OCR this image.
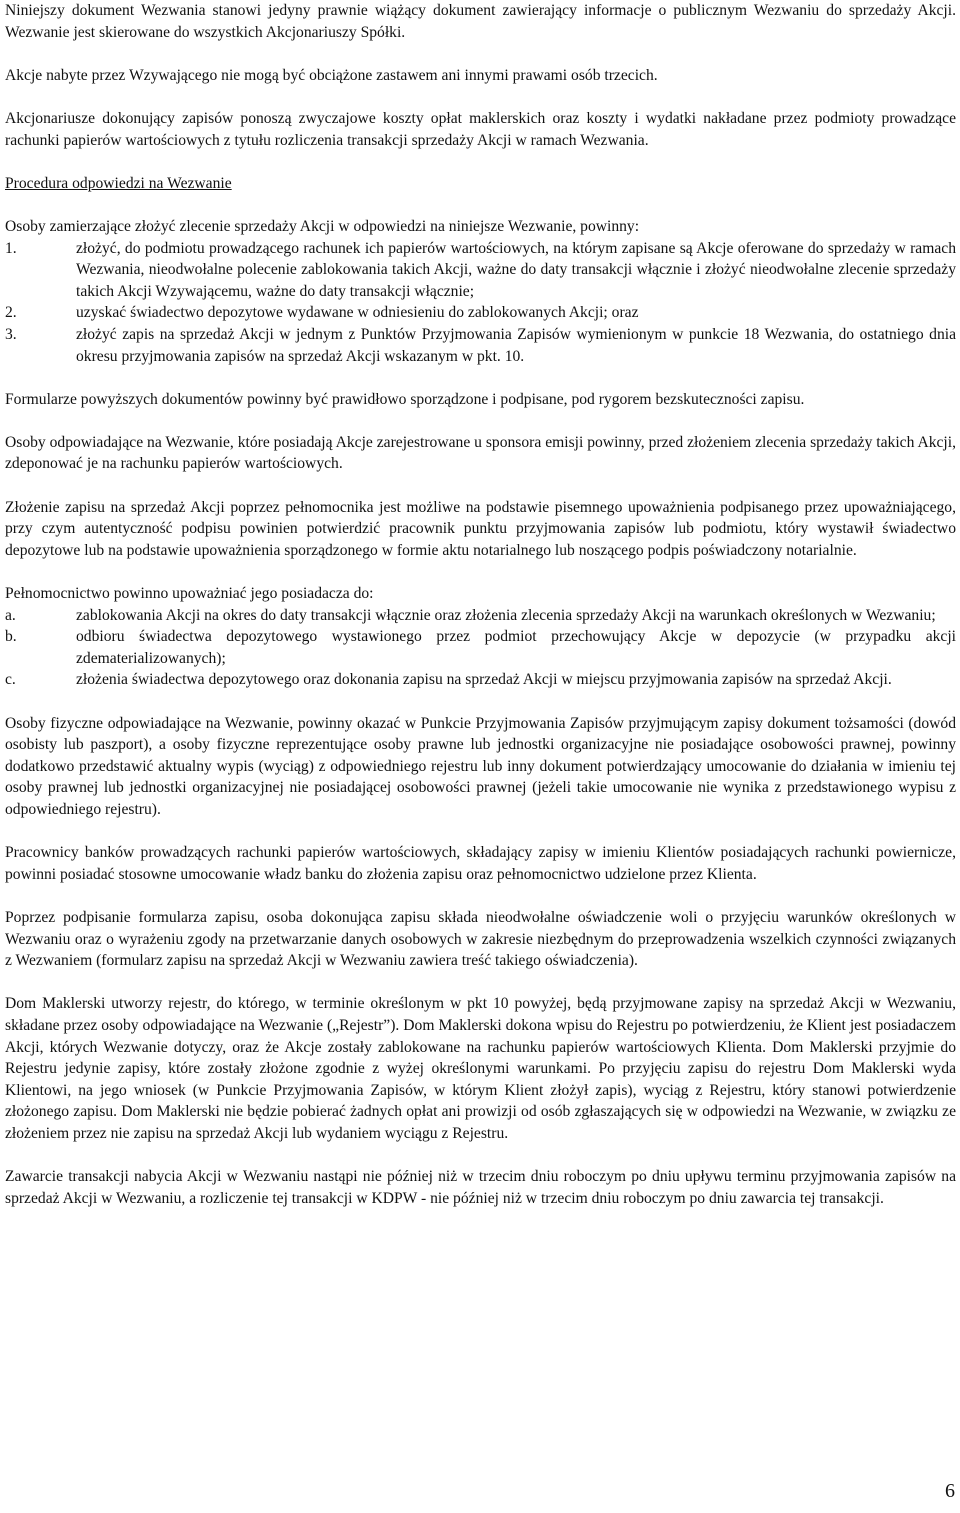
Niniejszy dokument Wezwania stanowi jedyny prawnie wiążący dokument zawierający informacje o publicznym Wezwaniu do sprzedaży Akcji. Wezwanie jest skierowane do wszystkich Akcjonariuszy Spółki.

Akcje nabyte przez Wzywającego nie mogą być obciążone zastawem ani innymi prawami osób trzecich.

Akcjonariusze dokonujący zapisów ponoszą zwyczajowe koszty opłat maklerskich oraz koszty i wydatki nakładane przez podmioty prowadzące rachunki papierów wartościowych z tytułu rozliczenia transakcji sprzedaży Akcji w ramach Wezwania.

Procedura odpowiedzi na Wezwanie

Osoby zamierzające złożyć zlecenie sprzedaży Akcji w odpowiedzi na niniejsze Wezwanie, powinny:

1.	złożyć, do podmiotu prowadzącego rachunek ich papierów wartościowych, na którym zapisane są Akcje oferowane do sprzedaży w ramach Wezwania, nieodwołalne polecenie zablokowania takich Akcji, ważne do daty transakcji włącznie i złożyć nieodwołalne zlecenie sprzedaży takich Akcji Wzywającemu, ważne do daty transakcji włącznie;
2.	uzyskać świadectwo depozytowe wydawane w odniesieniu do zablokowanych Akcji; oraz
3.	złożyć zapis na sprzedaż Akcji w jednym z Punktów Przyjmowania Zapisów wymienionym w punkcie 18 Wezwania, do ostatniego dnia okresu przyjmowania zapisów na sprzedaż Akcji wskazanym w pkt. 10.

Formularze powyższych dokumentów powinny być prawidłowo sporządzone i podpisane, pod rygorem bezskuteczności zapisu.

Osoby odpowiadające na Wezwanie, które posiadają Akcje zarejestrowane u sponsora emisji powinny, przed złożeniem zlecenia sprzedaży takich Akcji, zdeponować je na rachunku papierów wartościowych.

Złożenie zapisu na sprzedaż Akcji poprzez pełnomocnika jest możliwe na podstawie pisemnego upoważnienia podpisanego przez upoważniającego, przy czym autentyczność podpisu powinien potwierdzić pracownik punktu przyjmowania zapisów lub podmiotu, który wystawił świadectwo depozytowe lub na podstawie upoważnienia sporządzonego w formie aktu notarialnego lub noszącego podpis poświadczony notarialnie.

Pełnomocnictwo powinno upoważniać jego posiadacza do:

a.	zablokowania Akcji na okres do daty transakcji włącznie oraz złożenia zlecenia sprzedaży Akcji na warunkach określonych w Wezwaniu;
b.	odbioru świadectwa depozytowego wystawionego przez podmiot przechowujący Akcje w depozycie (w przypadku akcji zdematerializowanych);
c.	złożenia świadectwa depozytowego oraz dokonania zapisu na sprzedaż Akcji w miejscu przyjmowania zapisów na sprzedaż Akcji.

Osoby fizyczne odpowiadające na Wezwanie, powinny okazać w Punkcie Przyjmowania Zapisów przyjmującym zapisy dokument tożsamości (dowód osobisty lub paszport), a osoby fizyczne reprezentujące osoby prawne lub jednostki organizacyjne nie posiadające osobowości prawnej, powinny dodatkowo przedstawić aktualny wypis (wyciąg) z odpowiedniego rejestru lub inny dokument potwierdzający umocowanie do działania w imieniu tej osoby prawnej lub jednostki organizacyjnej nie posiadającej osobowości prawnej (jeżeli takie umocowanie nie wynika z przedstawionego wypisu z odpowiedniego rejestru).

Pracownicy banków prowadzących rachunki papierów wartościowych, składający zapisy w imieniu Klientów posiadających rachunki powiernicze, powinni posiadać stosowne umocowanie władz banku do złożenia zapisu oraz pełnomocnictwo udzielone przez Klienta.

Poprzez podpisanie formularza zapisu, osoba dokonująca zapisu składa nieodwołalne oświadczenie woli o przyjęciu warunków określonych w Wezwaniu oraz o wyrażeniu zgody na przetwarzanie danych osobowych w zakresie niezbędnym do przeprowadzenia wszelkich czynności związanych z Wezwaniem (formularz zapisu na sprzedaż Akcji w Wezwaniu zawiera treść takiego oświadczenia).

Dom Maklerski utworzy rejestr, do którego, w terminie określonym w pkt 10 powyżej, będą przyjmowane zapisy na sprzedaż Akcji w Wezwaniu, składane przez osoby odpowiadające na Wezwanie („Rejestr”). Dom Maklerski dokona wpisu do Rejestru po potwierdzeniu, że Klient jest posiadaczem Akcji, których Wezwanie dotyczy, oraz że Akcje zostały zablokowane na rachunku papierów wartościowych Klienta. Dom Maklerski przyjmie do Rejestru jedynie zapisy, które zostały złożone zgodnie z wyżej określonymi warunkami. Po przyjęciu zapisu do rejestru Dom Maklerski wyda Klientowi, na jego wniosek (w Punkcie Przyjmowania Zapisów, w którym Klient złożył zapis), wyciąg z Rejestru, który stanowi potwierdzenie złożonego zapisu. Dom Maklerski nie będzie pobierać żadnych opłat ani prowizji od osób zgłaszających się w odpowiedzi na Wezwanie, w związku ze złożeniem przez nie zapisu na sprzedaż Akcji lub wydaniem wyciągu z Rejestru.

Zawarcie transakcji nabycia Akcji w Wezwaniu nastąpi nie później niż w trzecim dniu roboczym po dniu upływu terminu przyjmowania zapisów na sprzedaż Akcji w Wezwaniu, a rozliczenie tej transakcji w KDPW - nie później niż w trzecim dniu roboczym po dniu zawarcia tej transakcji.

6
